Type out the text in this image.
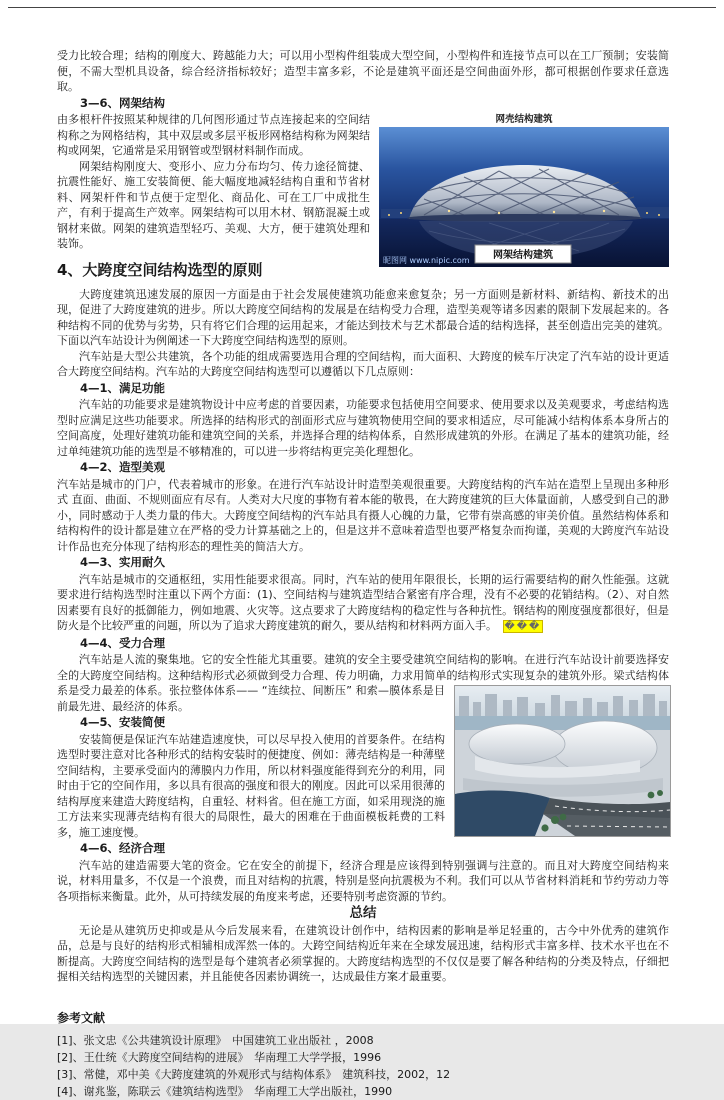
受力比较合理；结构的刚度大、跨越能力大；可以用小型构件组装成大型空间，小型构件和连接节点可以在工厂预制；安装简便，不需大型机具设备，综合经济指标较好；造型丰富多彩，不论是建筑平面还是空间曲面外形，都可根据创作要求任意选取。

3—6、网架结构

网壳结构建筑
昵图网 www.nipic.com 网架结构建筑

由多根杆件按照某种规律的几何图形通过节点连接起来的空间结构称之为网格结构，其中双层或多层平板形网格结构称为网架结构或网架，它通常是采用钢管或型钢材料制作而成。

网架结构刚度大、变形小、应力分布均匀、传力途径简捷、抗震性能好、施工安装简便、能大幅度地减轻结构自重和节省材料、网架杆件和节点便于定型化、商品化、可在工厂中成批生产，有利于提高生产效率。网架结构可以用木材、钢筋混凝土或钢材来做。网架的建筑造型轻巧、美观、大方，便于建筑处理和装饰。

4、大跨度空间结构选型的原则

大跨度建筑迅速发展的原因一方面是由于社会发展使建筑功能愈来愈复杂；另一方面则是新材料、新结构、新技术的出现，促进了大跨度建筑的进步。所以大跨度空间结构的发展是在结构受力合理，造型美观等诸多因素的限制下发展起来的。各种结构不同的优势与劣势，只有将它们合理的运用起来，才能达到技术与艺术都最合适的结构选择，甚至创造出完美的建筑。下面以汽车站设计为例阐述一下大跨度空间结构选型的原则。

汽车站是大型公共建筑，各个功能的组成需要选用合理的空间结构，而大面积、大跨度的候车厅决定了汽车站的设计更适合大跨度空间结构。汽车站的大跨度空间结构选型可以遵循以下几点原则：

4—1、满足功能

汽车站的功能要求是建筑物设计中应考虑的首要因素，功能要求包括使用空间要求、使用要求以及美观要求，考虑结构选型时应满足这些功能要求。所选择的结构形式的剖面形式应与建筑物使用空间的要求相适应，尽可能减小结构体系本身所占的空间高度，处理好建筑功能和建筑空间的关系，并选择合理的结构体系，自然形成建筑的外形。在满足了基本的建筑功能，经过单纯建筑功能的选型是不够精准的，可以进一步将结构更完美化理想化。

4—2、造型美观

汽车站是城市的门户，代表着城市的形象。在进行汽车站设计时造型美观很重要。大跨度结构的汽车站在造型上呈现出多种形式 直面、曲面、不规则面应有尽有。人类对大尺度的事物有着本能的敬畏，在大跨度建筑的巨大体量面前，人感受到自己的渺小，同时感动于人类力量的伟大。大跨度空间结构的汽车站具有摄人心魄的力量，它带有崇高感的审美价值。虽然结构体系和结构构件的设计都是建立在严格的受力计算基础之上的，但是这并不意味着造型也要严格复杂而拘谨，美观的大跨度汽车站设计作品也充分体现了结构形态的理性美的简洁大方。

4—3、实用耐久

汽车站是城市的交通枢纽，实用性能要求很高。同时，汽车站的使用年限很长，长期的运行需要结构的耐久性能强。这就要求进行结构选型时注重以下两个方面：(1)、空间结构与建筑造型结合紧密有序合理，没有不必要的花销结构。（2）、对自然因素要有良好的抵御能力，例如地震、火灾等。这点要求了大跨度结构的稳定性与各种抗性。钢结构的刚度强度都很好，但是防火是个比较严重的问题，所以为了追求大跨度建筑的耐久，要从结构和材料两方面入手。　 ���

4—4、受力合理

汽车站是人流的聚集地。它的安全性能尤其重要。建筑的安全主要受建筑空间结构的影响。在进行汽车站设计前要选择安全的大跨度空间结构。这种结构形式必须做到受力合理、传力明确，力求用简单的结构形式实现复杂的建筑外形。梁式结构体系是
受力最差的体系。张拉整体体系—— “连续拉、间断压” 和索—膜体系是目前最先进、最经济的体系。

4—5、安装简便

安装简便是保证汽车站建造速度快，可以尽早投入使用的首要条件。在结构选型时要注意对比各种形式的结构安装时的便捷度、例如：薄壳结构是一种薄壁空间结构，主要承受面内的薄膜内力作用，所以材料强度能得到充分的利用，同时由于它的空间作用，多以具有很高的强度和很大的刚度。因此可以采用很薄的结构厚度来建造大跨度结构，自重轻、材料省。但在施工方面，如采用现浇的施工方法来实现薄壳结构有很大的局限性，最大的困难在于曲面模板耗费的工料多，施工速度慢。

4—6、经济合理

汽车站的建造需要大笔的资金。它在安全的前提下，经济合理是应该得到特别强调与注意的。而且对大跨度空间结构来说，材料用量多，不仅是一个浪费，而且对结构的抗震，特别是竖向抗震极为不利。我们可以从节省材料消耗和节约劳动力等各项指标来衡量。此外，从可持续发展的角度来考虑，还要特别考虑资源的节约。

总结

无论是从建筑历史抑或是从今后发展来看，在建筑设计创作中，结构因素的影响是举足轻重的，古今中外优秀的建筑作品，总是与良好的结构形式相辅相成浑然一体的。大跨空间结构近年来在全球发展迅速，结构形式丰富多样、技术水平也在不断提高。大跨度空间结构的选型是每个建筑者必须掌握的。大跨度结构选型的不仅仅是要了解各种结构的分类及特点，仔细把握相关结构选型的关键因素，并且能使各因素协调统一，达成最佳方案才最重要。

参考文献

[1]、张文忠《公共建筑设计原理》　中国建筑工业出版社 ，2008

[2]、王仕统《大跨度空间结构的进展》　华南理工大学学报，1996

[3]、常健，邓中美《大跨度建筑的外观形式与结构体系》　建筑科技，2002，12

[4]、谢兆鉴，陈联云《建筑结构选型》　华南理工大学出版社，1990
